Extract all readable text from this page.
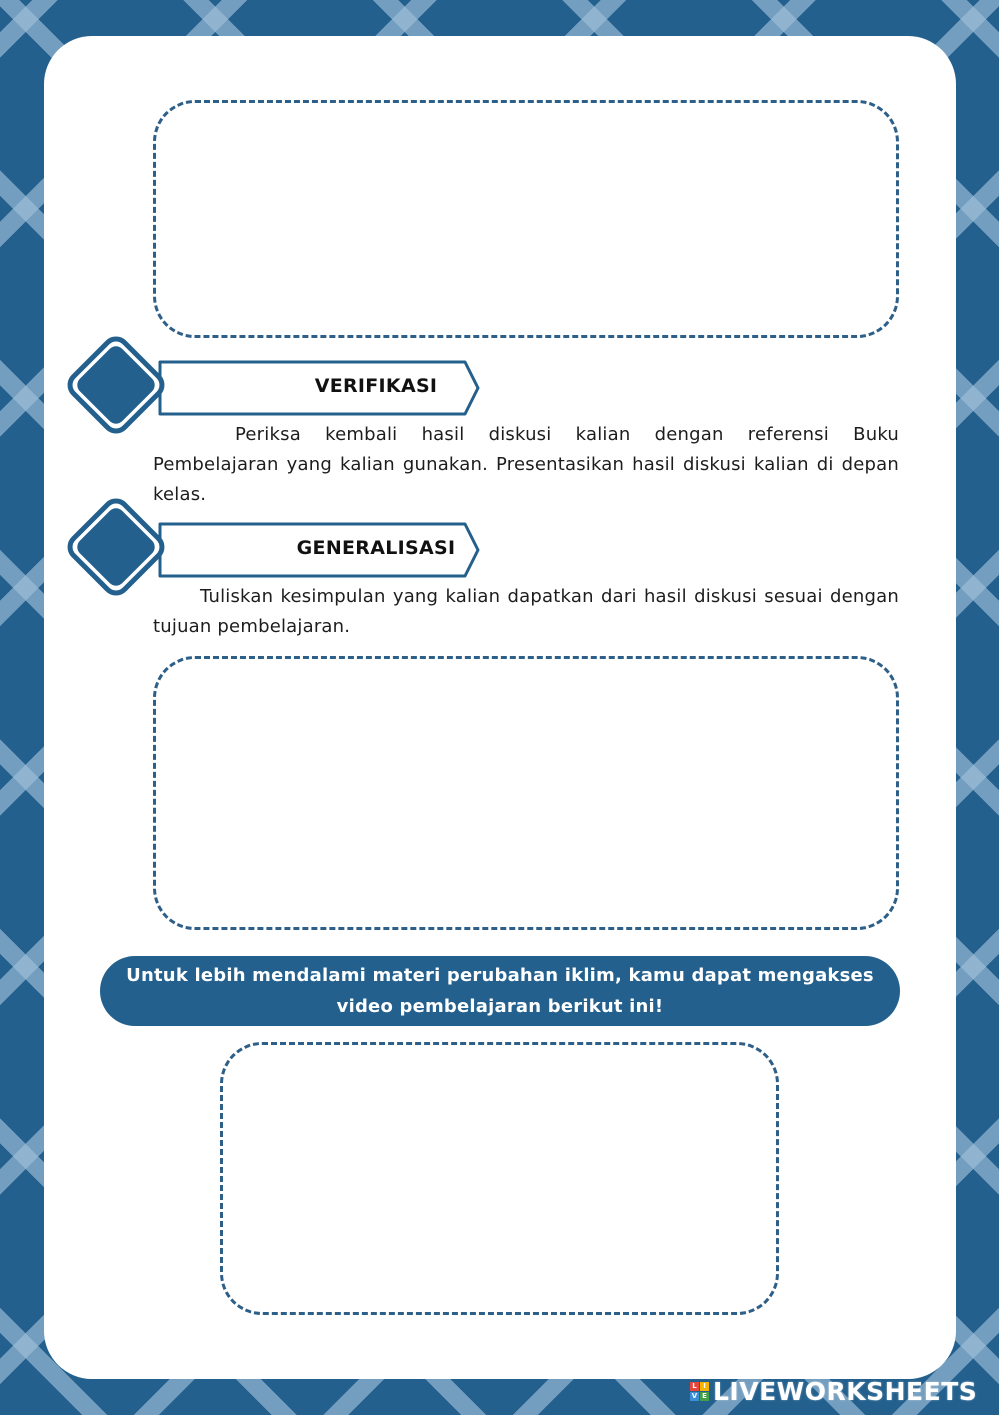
VERIFIKASI
Periksa kembali hasil diskusi kalian dengan referensi Buku Pembelajaran yang kalian gunakan. Presentasikan hasil diskusi kalian di depan kelas.
GENERALISASI
Tuliskan kesimpulan yang kalian dapatkan dari hasil diskusi sesuai dengan tujuan pembelajaran.
Untuk lebih mendalami materi perubahan iklim, kamu dapat mengakses video pembelajaran berikut ini!
L I
V E LIVEWORKSHEETS
